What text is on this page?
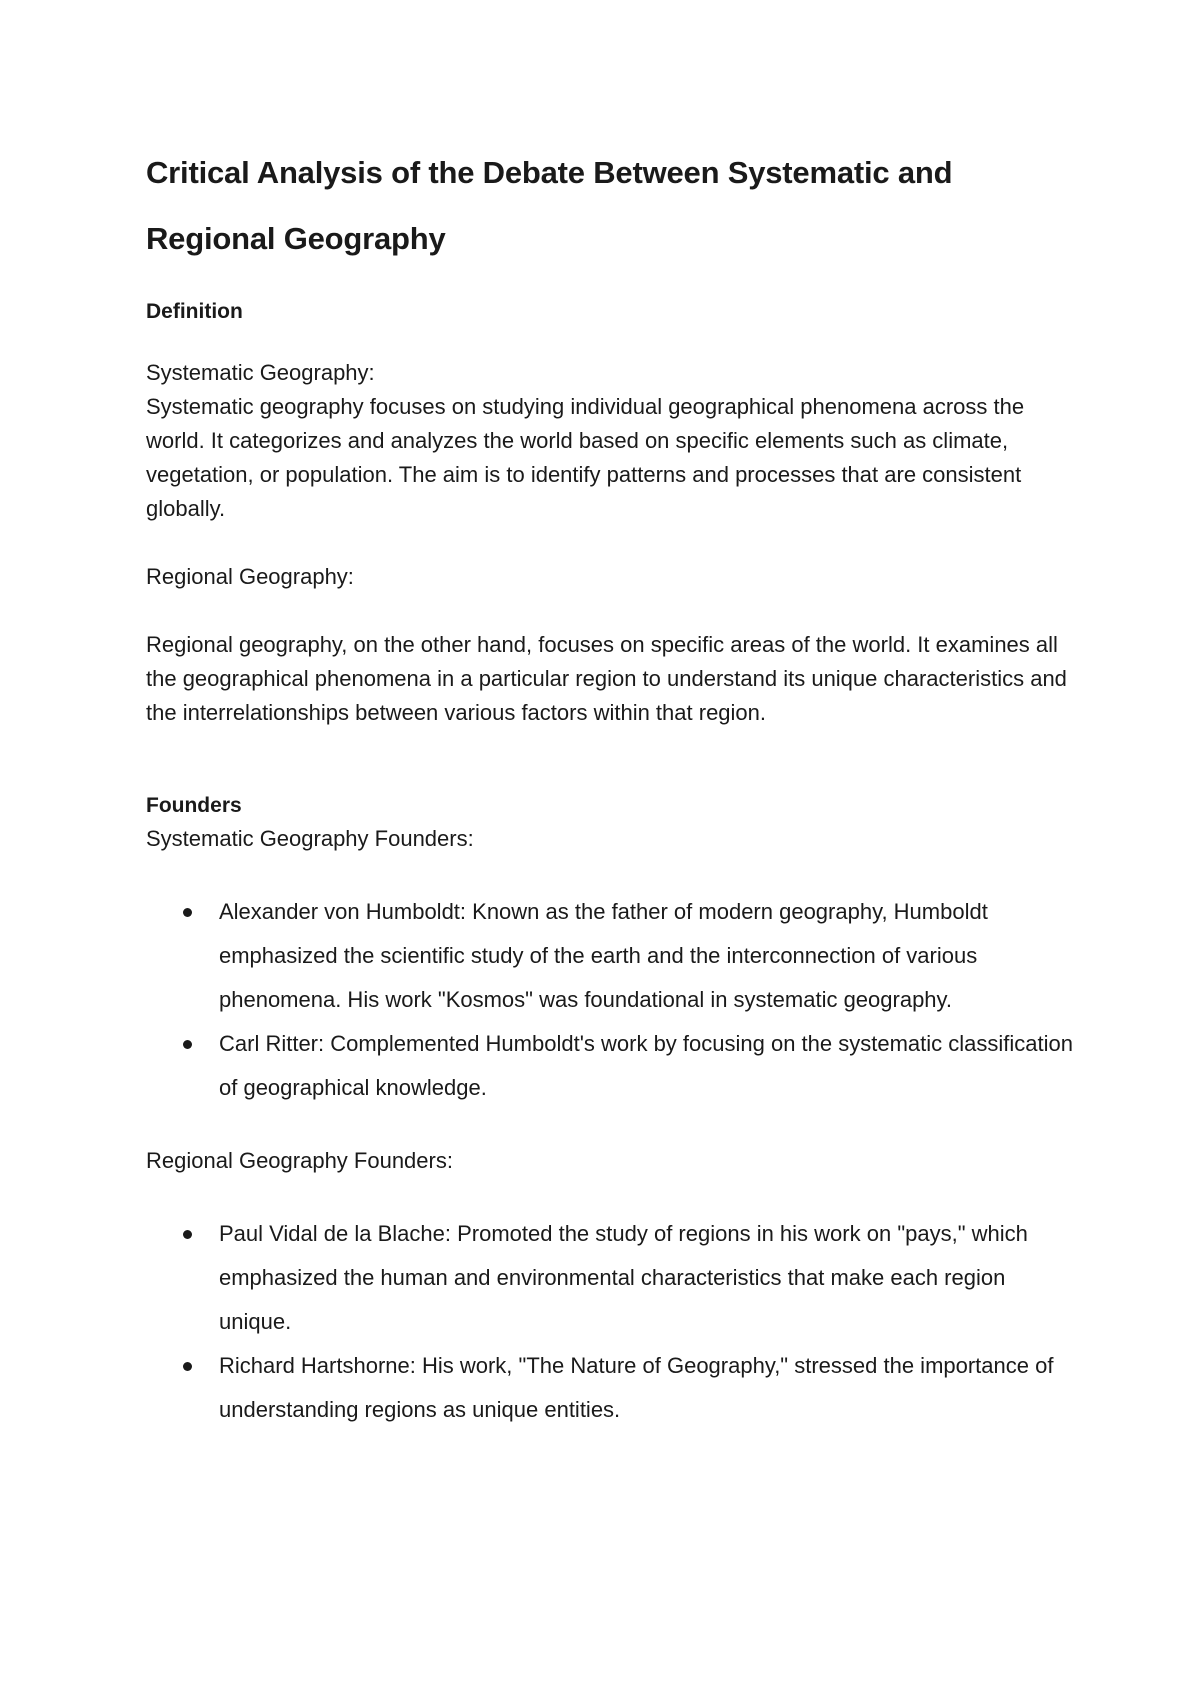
Critical Analysis of the Debate Between Systematic and Regional Geography
Definition

Systematic Geography:

Systematic geography focuses on studying individual geographical phenomena across the world. It categorizes and analyzes the world based on specific elements such as climate, vegetation, or population. The aim is to identify patterns and processes that are consistent globally.

Regional Geography:

Regional geography, on the other hand, focuses on specific areas of the world. It examines all the geographical phenomena in a particular region to understand its unique characteristics and the interrelationships between various factors within that region.

Founders

Systematic Geography Founders:

Alexander von Humboldt: Known as the father of modern geography, Humboldt emphasized the scientific study of the earth and the interconnection of various phenomena. His work "Kosmos" was foundational in systematic geography.
Carl Ritter: Complemented Humboldt's work by focusing on the systematic classification of geographical knowledge.

Regional Geography Founders:

Paul Vidal de la Blache: Promoted the study of regions in his work on "pays," which emphasized the human and environmental characteristics that make each region unique.
Richard Hartshorne: His work, "The Nature of Geography," stressed the importance of understanding regions as unique entities.
